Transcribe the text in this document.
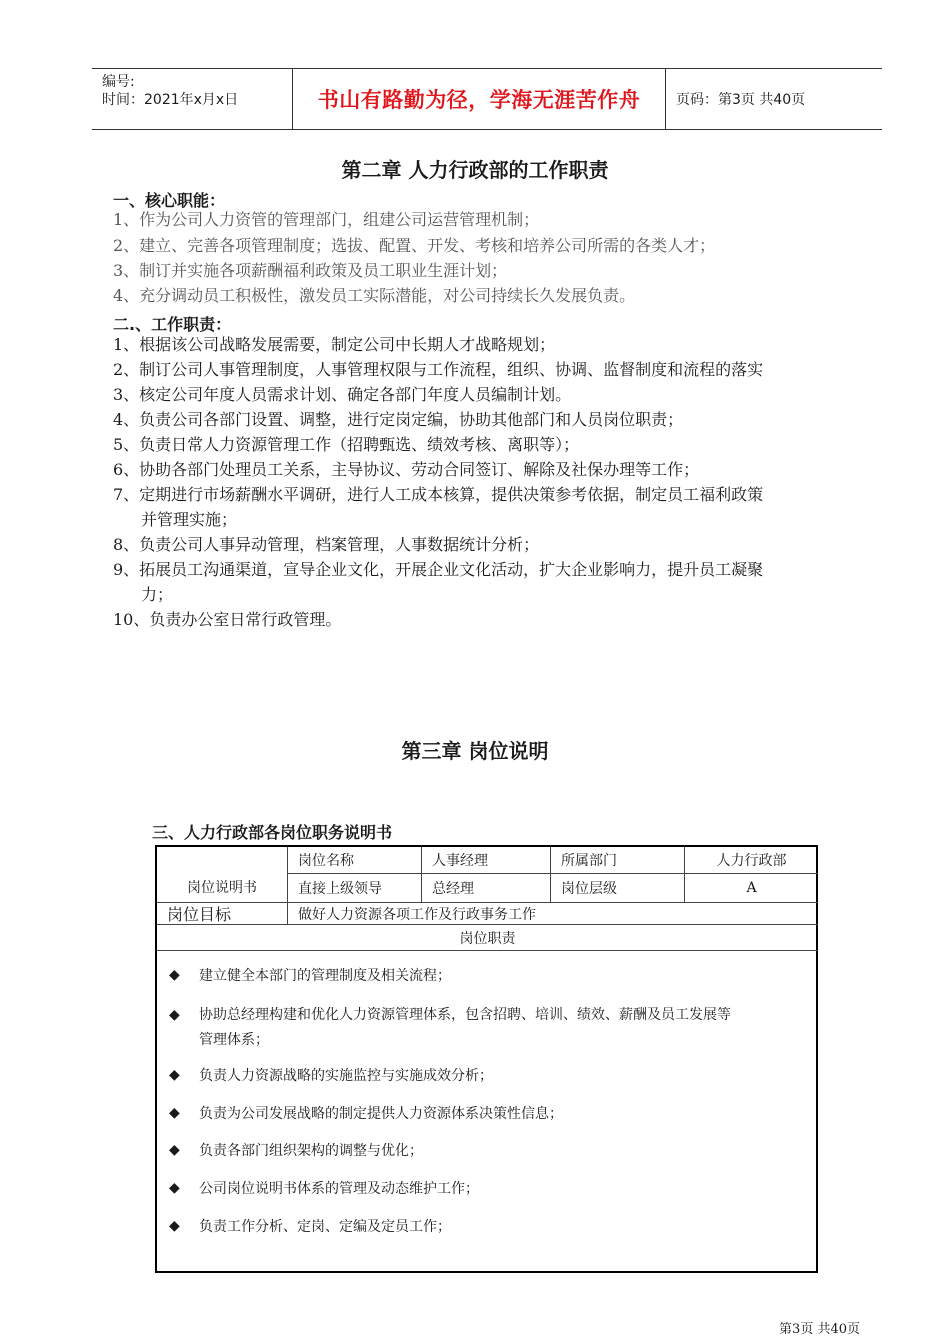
编号:
时间：2021年x月x日	书山有路勤为径，学海无涯苦作舟	页码：第3页 共40页
第二章 人力行政部的工作职责
一、核心职能：
1、作为公司人力资管的管理部门，组建公司运营管理机制；
2、建立、完善各项管理制度；选拔、配置、开发、考核和培养公司所需的各类人才；
3、制订并实施各项薪酬福利政策及员工职业生涯计划；
4、充分调动员工积极性，激发员工实际潜能，对公司持续长久发展负责。
二.、工作职责：
1、根据该公司战略发展需要，制定公司中长期人才战略规划；
2、制订公司人事管理制度，人事管理权限与工作流程，组织、协调、监督制度和流程的落实
3、核定公司年度人员需求计划、确定各部门年度人员编制计划。
4、负责公司各部门设置、调整，进行定岗定编，协助其他部门和人员岗位职责；
5、负责日常人力资源管理工作（招聘甄选、绩效考核、离职等）；
6、协助各部门处理员工关系，主导协议、劳动合同签订、解除及社保办理等工作；
7、定期进行市场薪酬水平调研，进行人工成本核算，提供决策参考依据，制定员工福利政策
并管理实施；
8、负责公司人事异动管理，档案管理，人事数据统计分析；
9、拓展员工沟通渠道，宣导企业文化，开展企业文化活动，扩大企业影响力，提升员工凝聚
力；
10、负责办公室日常行政管理。
第三章 岗位说明
三、人力行政部各岗位职务说明书
岗位说明书
岗位名称	人事经理	所属部门	人力行政部
直接上级领导	总经理	岗位层级	A
岗位目标	做好人力资源各项工作及行政事务工作
岗位职责
◆ 建立健全本部门的管理制度及相关流程；
◆ 协助总经理构建和优化人力资源管理体系，包含招聘、培训、绩效、薪酬及员工发展等
管理体系；
◆ 负责人力资源战略的实施监控与实施成效分析；
◆ 负责为公司发展战略的制定提供人力资源体系决策性信息；
◆ 负责各部门组织架构的调整与优化；
◆ 公司岗位说明书体系的管理及动态维护工作；
◆ 负责工作分析、定岗、定编及定员工作；
第3页 共40页
